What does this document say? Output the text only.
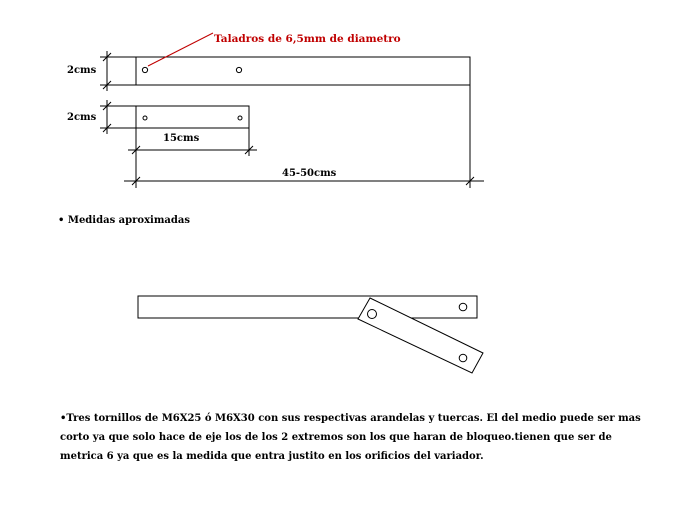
Taladros de 6,5mm de diametro
2cms
2cms
15cms
45-50cms
• Medidas aproximadas
•Tres tornillos de M6X25 ó M6X30 con sus respectivas arandelas y tuercas. El del medio puede ser mas corto ya que solo hace de eje los de los 2 extremos son los que haran de bloqueo.tienen que ser de metrica 6 ya que es la medida que entra justito en los orificios del variador.
